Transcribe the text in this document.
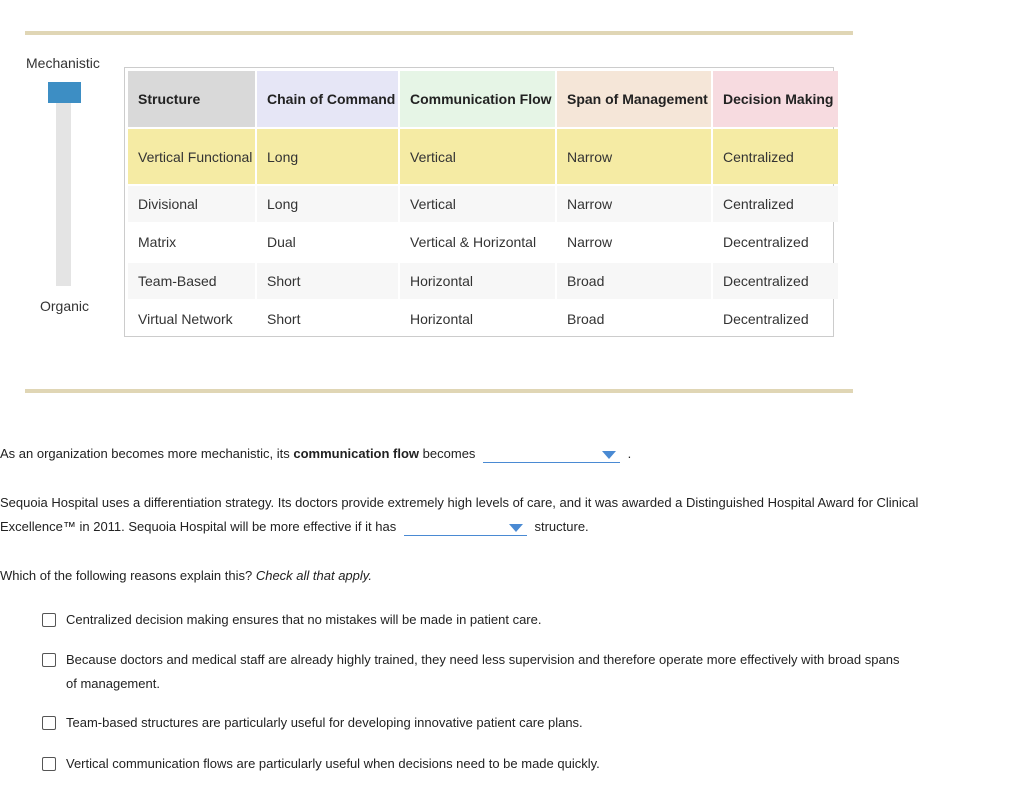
Mechanistic
Organic
Structure	Chain of Command	Communication Flow	Span of Management	Decision Making
Vertical Functional	Long	Vertical	Narrow	Centralized
Divisional	Long	Vertical	Narrow	Centralized
Matrix	Dual	Vertical & Horizontal	Narrow	Decentralized
Team-Based	Short	Horizontal	Broad	Decentralized
Virtual Network	Short	Horizontal	Broad	Decentralized
As an organization becomes more mechanistic, its communication flow becomes	.
Sequoia Hospital uses a differentiation strategy. Its doctors provide extremely high levels of care, and it was awarded a Distinguished Hospital Award for Clinical Excellence™ in 2011. Sequoia Hospital will be more effective if it has	structure.
Which of the following reasons explain this? Check all that apply.
Centralized decision making ensures that no mistakes will be made in patient care.
Because doctors and medical staff are already highly trained, they need less supervision and therefore operate more effectively with broad spans of management.
Team-based structures are particularly useful for developing innovative patient care plans.
Vertical communication flows are particularly useful when decisions need to be made quickly.
